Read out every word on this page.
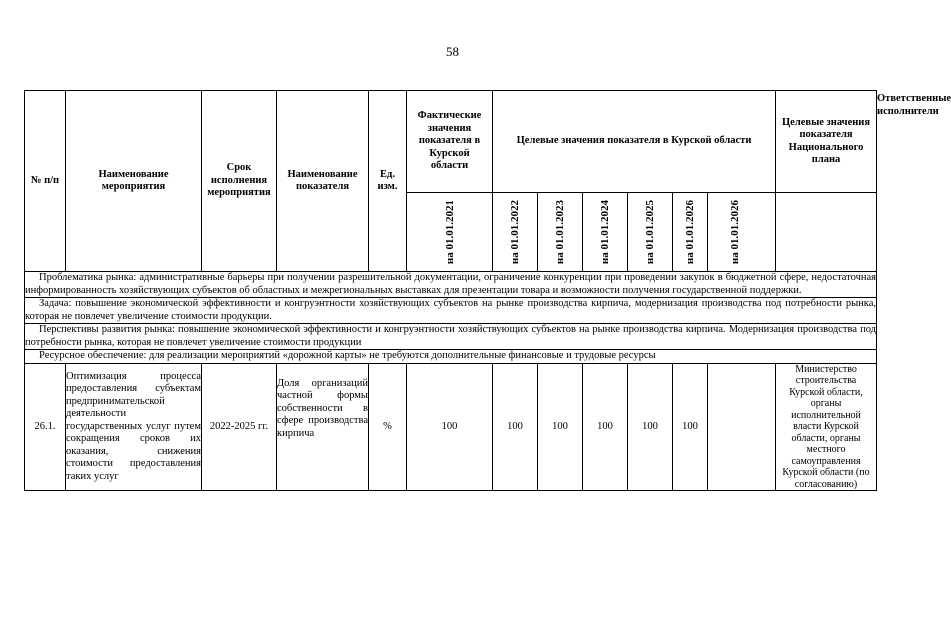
58
№ п/п	Наименование мероприятия	Срок исполнения мероприятия	Наименование показателя	Ед. изм.	Фактические значения показателя в Курской области	Целевые значения показателя в Курской области						Целевые значения показателя Национального плана	Ответственные исполнители

					на 01.01.2021	на 01.01.2022	на 01.01.2023	на 01.01.2024	на 01.01.2025	на 01.01.2026	на 01.01.2026		

Проблематика рынка: административные барьеры при получении разрешительной документации, ограничение конкуренции при проведении закупок в бюджетной сфере, недостаточная информированность хозяйствующих субъектов об областных и межрегиональных выставках для презентации товара и возможности получения государственной поддержки.													

Задача: повышение экономической эффективности и конгруэнтности хозяйствующих субъектов на рынке производства кирпича, модернизация производства под потребности рынка, которая не повлечет увеличение стоимости продукции.													

Перспективы развития рынка: повышение экономической эффективности и конгруэнтности хозяйствующих субъектов на рынке производства кирпича. Модернизация производства под потребности рынка, которая не повлечет увеличение стоимости продукции													

Ресурсное обеспечение: для реализации мероприятий «дорожной карты» не требуются дополнительные финансовые и трудовые ресурсы													

26.1.	Оптимизация процесса предоставления субъектам предпринимательской деятельности государственных услуг путем сокращения сроков их оказания, снижения стоимости предоставления таких услуг	2022-2025 гг.	Доля организаций частной формы собственности в сфере производства кирпича	%	100	100	100	100	100	100		Министерство строительства Курской области, органы исполнительной власти Курской области, органы местного самоуправления Курской области (по согласованию)	
